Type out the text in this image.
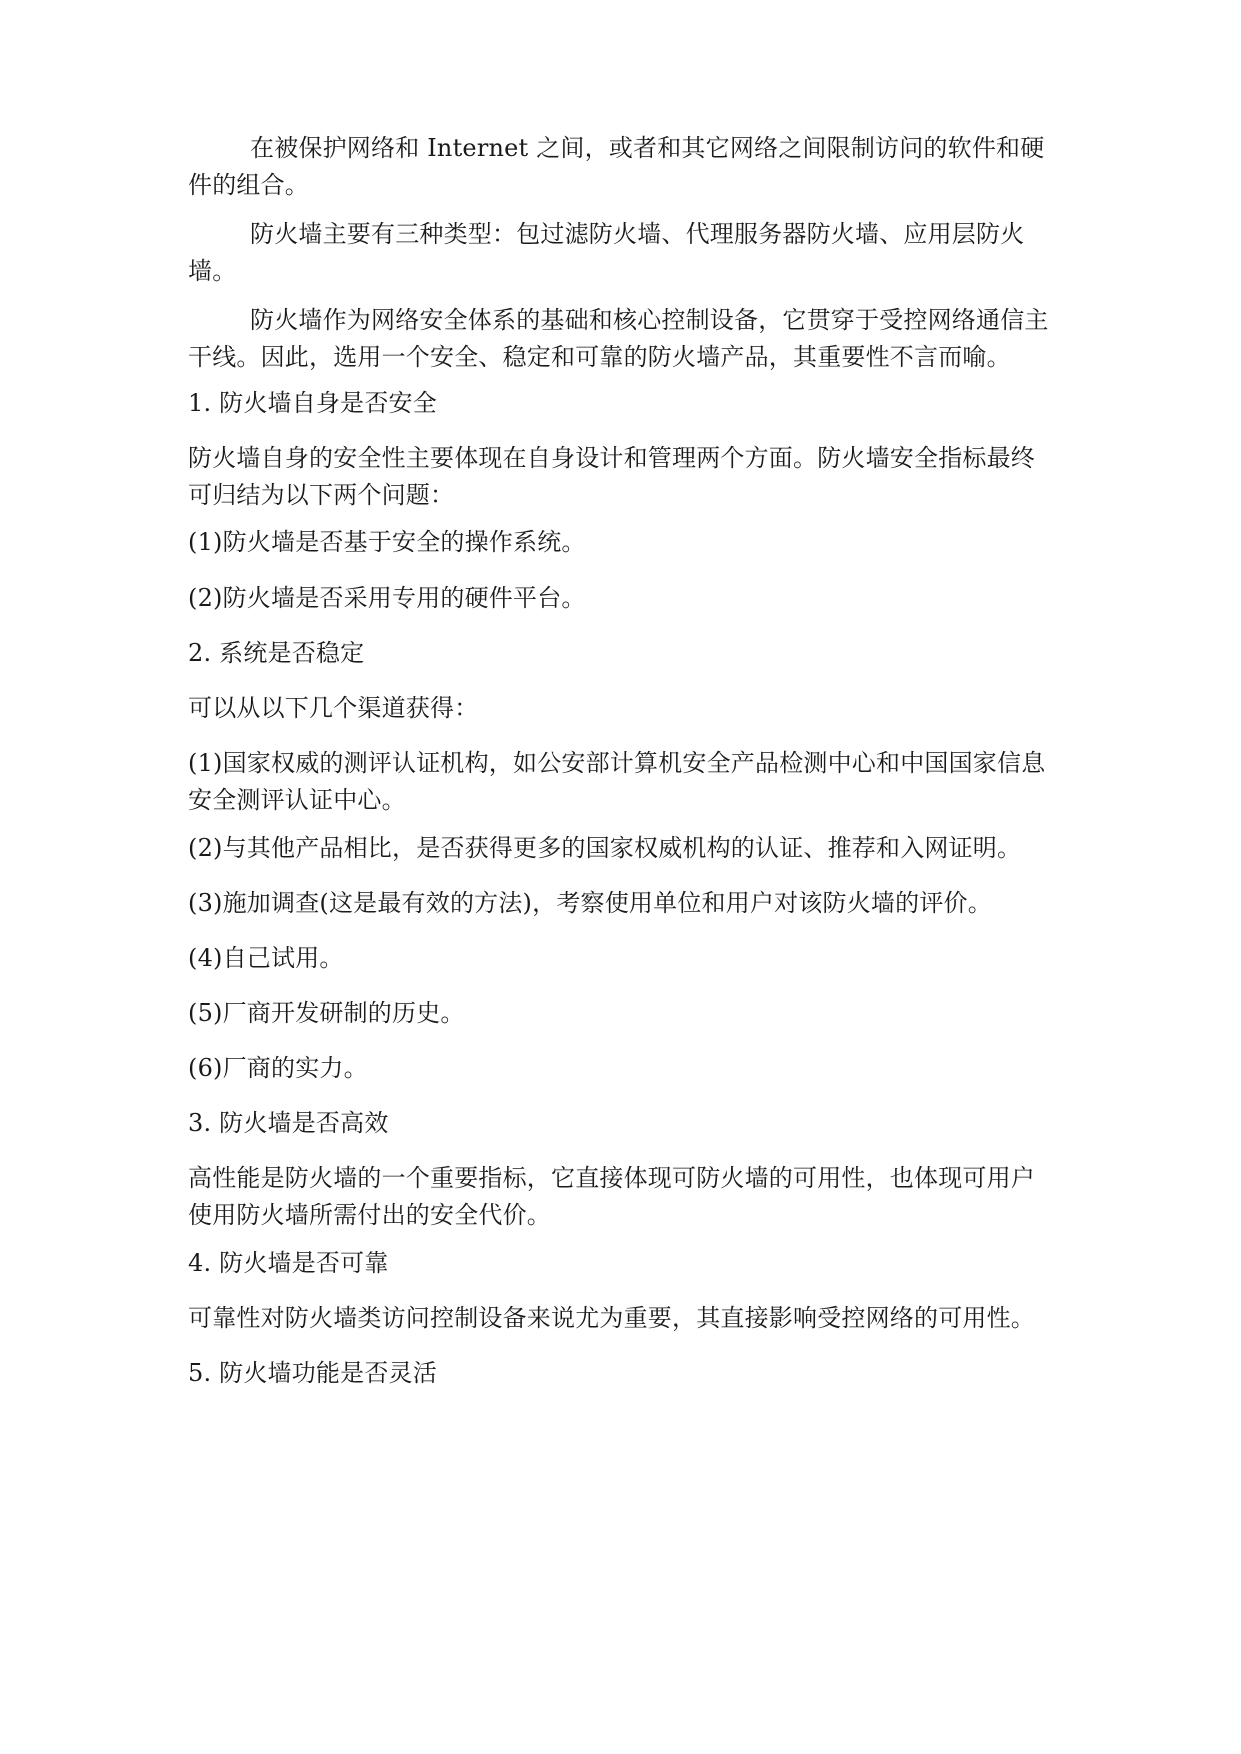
在被保护网络和 Internet 之间，或者和其它网络之间限制访问的软件和硬件的组合。

防火墙主要有三种类型：包过滤防火墙、代理服务器防火墙、应用层防火墙。

防火墙作为网络安全体系的基础和核心控制设备，它贯穿于受控网络通信主干线。因此，选用一个安全、稳定和可靠的防火墙产品，其重要性不言而喻。

1. 防火墙自身是否安全

防火墙自身的安全性主要体现在自身设计和管理两个方面。防火墙安全指标最终可归结为以下两个问题：

(1)防火墙是否基于安全的操作系统。

(2)防火墙是否采用专用的硬件平台。

2. 系统是否稳定

可以从以下几个渠道获得：

(1)国家权威的测评认证机构，如公安部计算机安全产品检测中心和中国国家信息安全测评认证中心。

(2)与其他产品相比，是否获得更多的国家权威机构的认证、推荐和入网证明。

(3)施加调查(这是最有效的方法)，考察使用单位和用户对该防火墙的评价。

(4)自己试用。

(5)厂商开发研制的历史。

(6)厂商的实力。

3. 防火墙是否高效

高性能是防火墙的一个重要指标，它直接体现可防火墙的可用性，也体现可用户使用防火墙所需付出的安全代价。

4. 防火墙是否可靠

可靠性对防火墙类访问控制设备来说尤为重要，其直接影响受控网络的可用性。

5. 防火墙功能是否灵活
